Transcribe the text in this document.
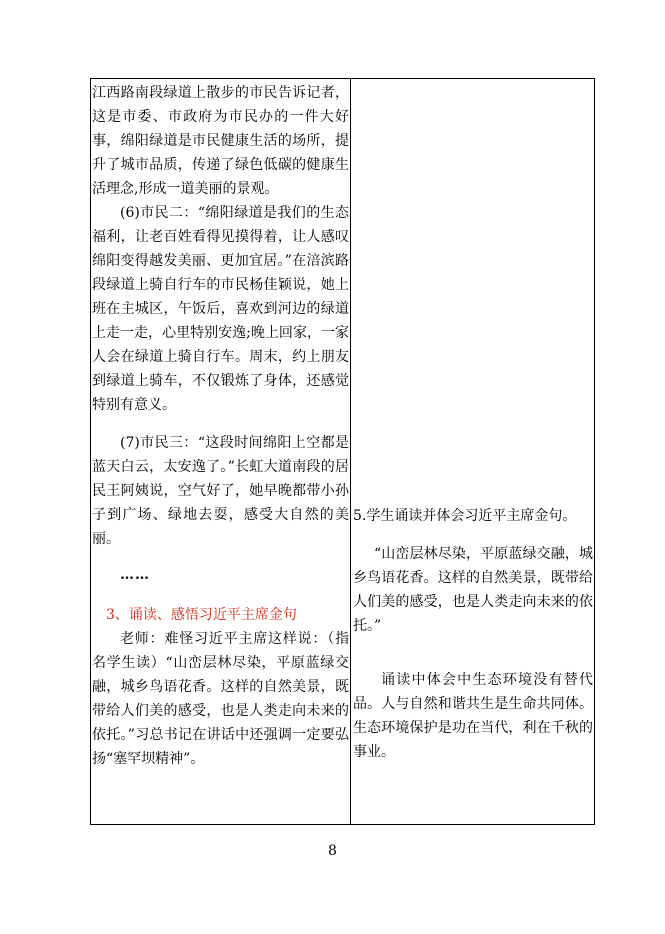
江西路南段绿道上散步的市民告诉记者，这是市委、市政府为市民办的一件大好事，绵阳绿道是市民健康生活的场所，提升了城市品质，传递了绿色低碳的健康生活理念,形成一道美丽的景观。

(6)市民二：“绵阳绿道是我们的生态福利，让老百姓看得见摸得着，让人感叹绵阳变得越发美丽、更加宜居。”在涪滨路段绿道上骑自行车的市民杨佳颖说，她上班在主城区，午饭后，喜欢到河边的绿道上走一走，心里特别安逸;晚上回家，一家人会在绿道上骑自行车。周末，约上朋友到绿道上骑车，不仅锻炼了身体，还感觉特别有意义。

(7)市民三：“这段时间绵阳上空都是蓝天白云，太安逸了。”长虹大道南段的居民王阿姨说，空气好了，她早晚都带小孙子到广场、绿地去耍，感受大自然的美丽。

……

3、诵读、感悟习近平主席金句

老师：难怪习近平主席这样说：（指名学生读）“山峦层林尽染，平原蓝绿交融，城乡鸟语花香。这样的自然美景，既带给人们美的感受，也是人类走向未来的依托。”习总书记在讲话中还强调一定要弘扬“塞罕坝精神”。

5.学生诵读并体会习近平主席金句。

“山峦层林尽染，平原蓝绿交融，城乡鸟语花香。这样的自然美景，既带给人们美的感受，也是人类走向未来的依托。”

诵读中体会中生态环境没有替代品。人与自然和谐共生是生命共同体。生态环境保护是功在当代，利在千秋的事业。

8
